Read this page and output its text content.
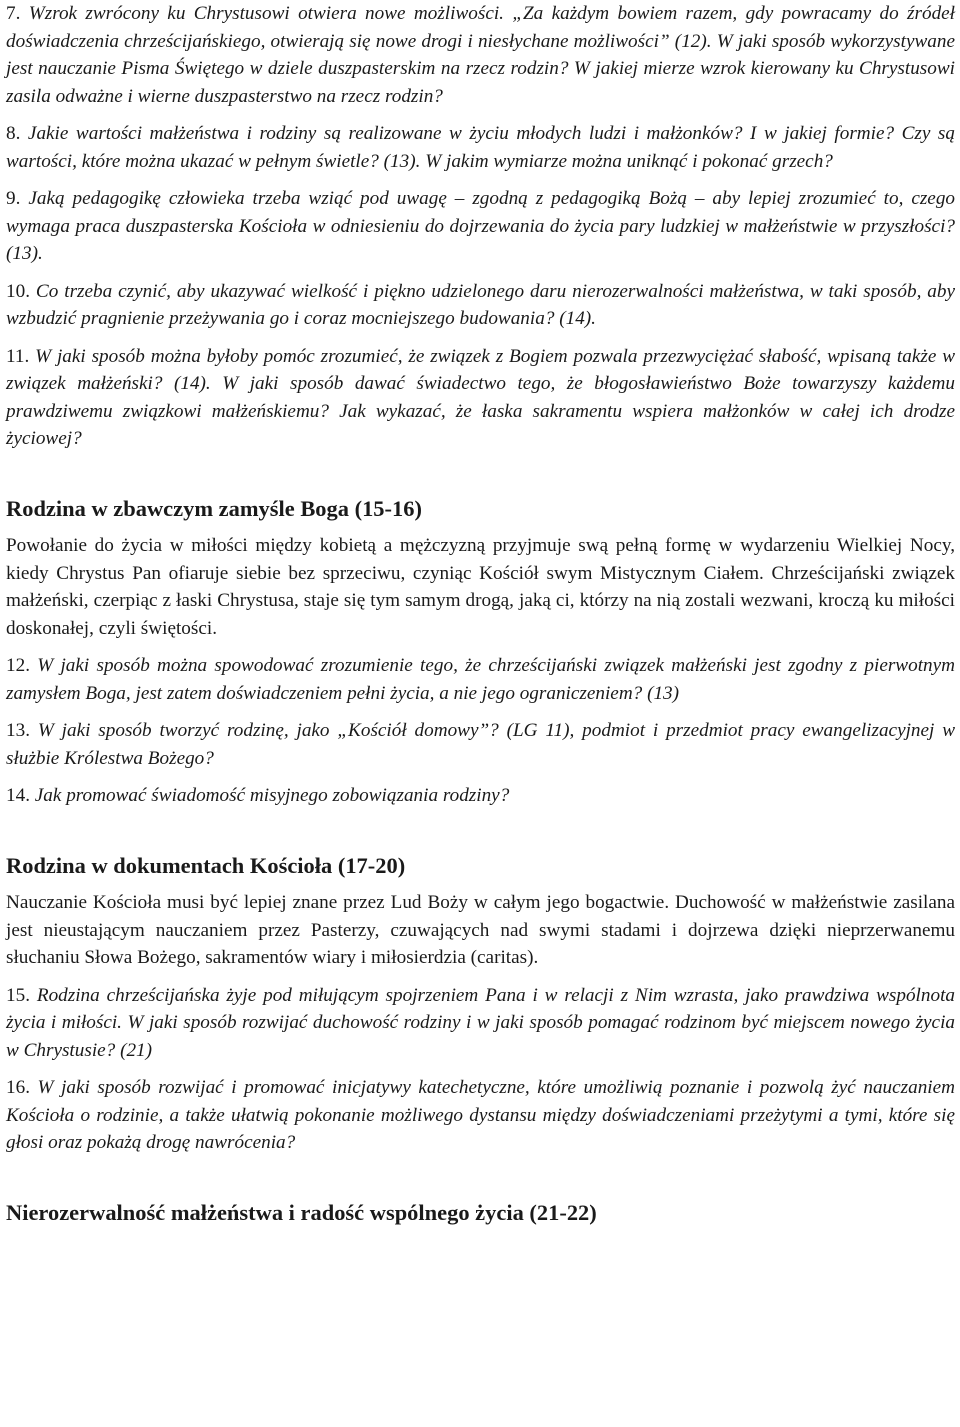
7. Wzrok zwrócony ku Chrystusowi otwiera nowe możliwości. „Za każdym bowiem razem, gdy powracamy do źródeł doświadczenia chrześcijańskiego, otwierają się nowe drogi i niesłychane możliwości” (12). W jaki sposób wykorzystywane jest nauczanie Pisma Świętego w dziele duszpasterskim na rzecz rodzin? W jakiej mierze wzrok kierowany ku Chrystusowi zasila odważne i wierne duszpasterstwo na rzecz rodzin?

8. Jakie wartości małżeństwa i rodziny są realizowane w życiu młodych ludzi i małżonków? I w jakiej formie? Czy są wartości, które można ukazać w pełnym świetle? (13). W jakim wymiarze można uniknąć i pokonać grzech?

9. Jaką pedagogikę człowieka trzeba wziąć pod uwagę – zgodną z pedagogiką Bożą – aby lepiej zrozumieć to, czego wymaga praca duszpasterska Kościoła w odniesieniu do dojrzewania do życia pary ludzkiej w małżeństwie w przyszłości? (13).

10. Co trzeba czynić, aby ukazywać wielkość i piękno udzielonego daru nierozerwalności małżeństwa, w taki sposób, aby wzbudzić pragnienie przeżywania go i coraz mocniejszego budowania? (14).

11. W jaki sposób można byłoby pomóc zrozumieć, że związek z Bogiem pozwala przezwyciężać słabość, wpisaną także w związek małżeński? (14). W jaki sposób dawać świadectwo tego, że błogosławieństwo Boże towarzyszy każdemu prawdziwemu związkowi małżeńskiemu? Jak wykazać, że łaska sakramentu wspiera małżonków w całej ich drodze życiowej?

Rodzina w zbawczym zamyśle Boga (15-16)

Powołanie do życia w miłości między kobietą a mężczyzną przyjmuje swą pełną formę w wydarzeniu Wielkiej Nocy, kiedy Chrystus Pan ofiaruje siebie bez sprzeciwu, czyniąc Kościół swym Mistycznym Ciałem. Chrześcijański związek małżeński, czerpiąc z łaski Chrystusa, staje się tym samym drogą, jaką ci, którzy na nią zostali wezwani, kroczą ku miłości doskonałej, czyli świętości.

12. W jaki sposób można spowodować zrozumienie tego, że chrześcijański związek małżeński jest zgodny z pierwotnym zamysłem Boga, jest zatem doświadczeniem pełni życia, a nie jego ograniczeniem? (13)

13. W jaki sposób tworzyć rodzinę, jako „Kościół domowy”? (LG 11), podmiot i przedmiot pracy ewangelizacyjnej w służbie Królestwa Bożego?

14. Jak promować świadomość misyjnego zobowiązania rodziny?

Rodzina w dokumentach Kościoła (17-20)

Nauczanie Kościoła musi być lepiej znane przez Lud Boży w całym jego bogactwie. Duchowość w małżeństwie zasilana jest nieustającym nauczaniem przez Pasterzy, czuwających nad swymi stadami i dojrzewa dzięki nieprzerwanemu słuchaniu Słowa Bożego, sakramentów wiary i miłosierdzia (caritas).

15. Rodzina chrześcijańska żyje pod miłującym spojrzeniem Pana i w relacji z Nim wzrasta, jako prawdziwa wspólnota życia i miłości. W jaki sposób rozwijać duchowość rodziny i w jaki sposób pomagać rodzinom być miejscem nowego życia w Chrystusie? (21)

16. W jaki sposób rozwijać i promować inicjatywy katechetyczne, które umożliwią poznanie i pozwolą żyć nauczaniem Kościoła o rodzinie, a także ułatwią pokonanie możliwego dystansu między doświadczeniami przeżytymi a tymi, które się głosi oraz pokażą drogę nawrócenia?

Nierozerwalność małżeństwa i radość wspólnego życia (21-22)
